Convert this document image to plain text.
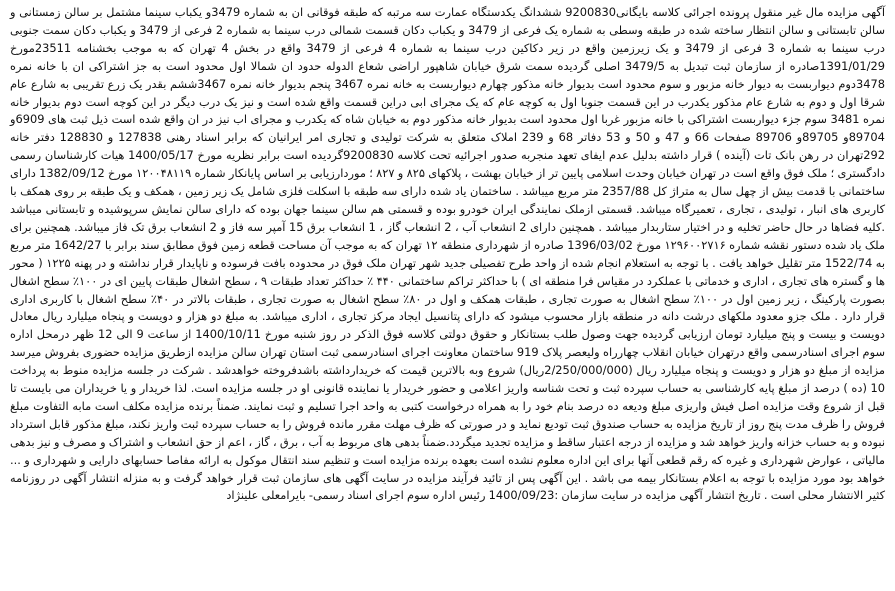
آگهی مزایده مال غیر منقول پرونده اجرائی کلاسه بایگانی9200830 ششدانگ یکدستگاه عمارت سه مرتبه که طبقه فوقانی ان به شماره 3479و یکباب سینما مشتمل بر سالن زمستانی و سالن تابستانی و سالن انتظار ساخته شده در طبقه وسطی به شماره یک فرعی از 3479 و یکباب دکان قسمت شمالی درب سینما به شماره 2 فرعی از 3479 و یکباب دکان سمت جنوبی درب سینما به شماره 3 فرعی از 3479 و یک زیرزمین واقع در زیر دکاکین درب سینما به شماره 4 فرعی از 3479 واقع در بخش 4 تهران که به موجب بخشنامه 23511مورخ 1391/01/29صادره از سازمان ثبت تبدیل به 3479/5 اصلی گردیده سمت شرق خیابان شاهپور اراضی شعاع الدوله حدود ان شمالا اول محدود است به جز اشتراکی ان با خانه نمره 3478دوم دیواربست به دیوار خانه مزبور و سوم محدود است بدیوار خانه مذکور چهارم دیواربست به خانه نمره 3467 پنجم بدیوار خانه نمره 3467ششم بقدر یک زرع تقریبی به شارع عام شرقا اول و دوم به شارع عام مذکور یکدرب در این قسمت جنوبا اول به کوچه عام که یک مجرای ابی دراین قسمت واقع شده است و نیز یک درب دیگر در این کوچه است دوم بدیوار خانه نمره 3481 سوم جزء دیواربست اشتراکی با خانه مزبور غربا اول محدود است بدیوار خانه مذکور دوم به خیابان شاه که یکدرب و مجرای اب نیز در ان واقع شده است ذیل ثبت های 6909و 89704و 89705و 89706 صفحات 66 و 47 و 50 و 53 دفاتر 68 و 239 املاک متعلق به شرکت تولیدی و تجاری امر ایرانیان که برابر اسناد رهنی 127838 و 128830 دفتر خانه 292تهران در رهن بانک تات (آینده ) قرار داشته بدلیل عدم ایفای تعهد منجربه صدور اجرائیه تحت کلاسه 9200830گردیده است برابر نظریه مورخ 1400/05/17 هیات کارشناسان رسمی دادگستری ؛ ملک فوق واقع است در تهران خیابان وحدت اسلامی پایین تر از خیابان بهشت ، پلاکهای ۸۲۵ و ۸۲۷ ؛ موردارزیابی بر اساس پایانکار شماره ۱۲۰۰۴۸۱۱۹ مورخ 1382/09/12 دارای ساختمانی با قدمت بیش از چهل سال به متراژ کل 2357/88 متر مربع میباشد . ساختمان یاد شده دارای سه طبقه با اسکلت فلزی شامل یک زیر زمین ، همکف و یک طبقه بر روی همکف با کاربری های انبار ، تولیدی ، تجاری ، تعمیرگاه میباشد. قسمتی ازملک نمایندگی ایران خودرو بوده و قسمتی هم سالن سینما جهان بوده که دارای سالن نمایش سرپوشیده و تابستانی میباشد .کلیه فضاها در حال حاضر تخلیه و در اختیار ستاربدار میباشد . همچنین دارای 2 انشعاب آب ، 2 انشعاب گاز ، 1 انشعاب برق 15 آمپر سه فاز و 2 انشعاب برق تک فاز میباشد. همچنین برای ملک یاد شده دستور نقشه شماره ۱۲۹۶۰۰۲۷۱۶ مورخ 1396/03/02 صادره از شهرداری منطقه ۱۲ تهران که به موجب آن مساحت قطعه زمین فوق مطابق سند برابر با 1642/27 متر مربع به 1522/74 متر تقلیل خواهد یافت . با توجه به استعلام انجام شده از واحد طرح تفصیلی جدید شهر تهران ملک فوق در محدوده بافت فرسوده و ناپایدار قرار نداشته و در پهنه ۱۲۲۵ ( محور ها و گستره های تجاری ، اداری و خدماتی با عملکرد در مقیاس فرا منطقه ای ) با حداکثر تراکم ساختمانی ۴۴۰ ٪ حداکثر تعداد طبقات ۹ ، سطح اشغال طبقات پایین ای در ۱۰۰٪ سطح اشغال بصورت پارکینگ ، زیر زمین اول در ۱۰۰٪ سطح اشغال به صورت تجاری ، طبقات همکف و اول در ۸۰٪ سطح اشغال به صورت تجاری ، طبقات بالاتر در ۴۰٪ سطح اشغال با کاربری اداری قرار دارد . ملک جزو معدود ملکهای درشت دانه در منطقه بازار محسوب میشود که دارای پتانسیل ایجاد مرکز تجاری ، اداری میباشد. به مبلغ دو هزار و دویست و پنجاه میلیارد ریال معادل دویست و بیست و پنج میلیارد تومان ارزیابی گردیده جهت وصول طلب بستانکار و حقوق دولتی کلاسه فوق الذکر در روز شنبه مورخ 1400/10/11 از ساعت 9 الی 12 ظهر درمحل اداره سوم اجرای اسنادرسمی واقع درتهران خیابان انقلاب چهارراه ولیعصر پلاک 919 ساختمان معاونت اجرای اسنادرسمی ثبت استان تهران سالن مزایده ازطریق مزایده حضوری بفروش میرسد مزایده از مبلغ دو هزار و دویست و پنجاه میلیارد ریال (2/250/000/000ریال) شروع وبه بالاترین قیمت که خریدارداشته باشدفروخته خواهدشد . شرکت در جلسه مزایده منوط به پرداخت 10 (ده ) درصد از مبلغ پایه کارشناسی به حساب سپرده ثبت و تحت شناسه واریز اعلامی و حضور خریدار یا نماینده قانونی او در جلسه مزایده است. لذا خریدار و یا خریداران می بایست تا قبل از شروع وقت مزایده اصل فیش واریزی مبلغ ودیعه ده درصد بنام خود را به همراه درخواست کتبی به واحد اجرا تسلیم و ثبت نمایند. ضمناً برنده مزایده مکلف است مابه التفاوت مبلغ فروش را ظرف مدت پنج روز از تاریخ مزایده به حساب صندوق ثبت تودیع نماید و در صورتی که ظرف مهلت مقرر مانده فروش را به حساب سپرده ثبت واریز نکند، مبلغ مذکور قابل استرداد نبوده و به حساب خزانه واریز خواهد شد و مزایده از درجه اعتبار ساقط و مزایده تجدید میگردد.ضمناً بدهی های مربوط به آب ، برق ، گاز ، اعم از حق انشعاب و اشتراک و مصرف و نیز بدهی مالیاتی ، عوارض شهرداری و غیره که رقم قطعی آنها برای این اداره معلوم نشده است بعهده برنده مزایده است و تنظیم سند انتقال موکول به ارائه مفاصا حسابهای دارایی و شهرداری و ... خواهد بود مورد مزایده با توجه به اعلام بستانکار بیمه می باشد . این آگهی پس از تائید فرآیند مزایده در سایت آگهی های سازمان ثبت قرار خواهد گرفت و به منزله انتشار آگهی در روزنامه کثیر الانتشار محلی است . تاریخ انتشار آگهی مزایده در سایت سازمان :1400/09/23 رئیس اداره سوم اجرای اسناد رسمی- بایرامعلی علینژاد
